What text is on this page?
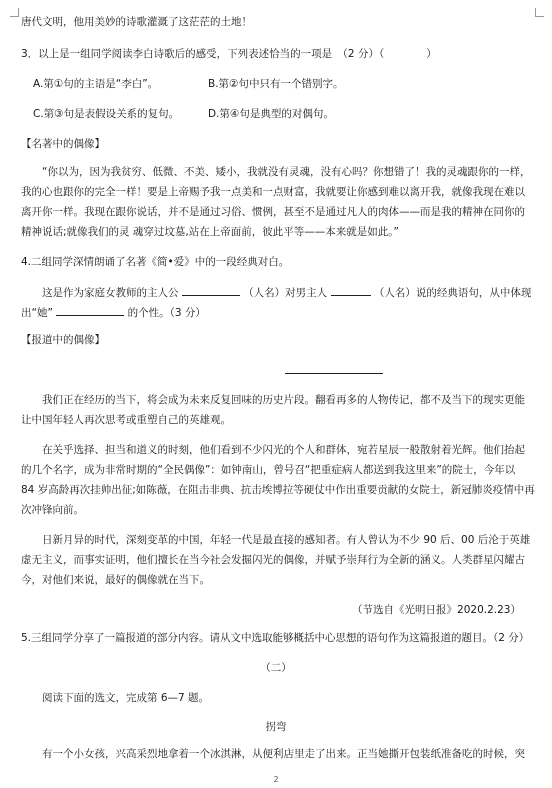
唐代文明，他用美妙的诗歌灌溉了这茫茫的土地！
3．以上是一组同学阅读李白诗歌后的感受，下列表述恰当的一项是　（2 分）（　　　　）
A.第①句的主语是“李白”。	B.第②句中只有一个错别字。
C.第③句是表假设关系的复句。	D.第④句是典型的对偶句。
【名著中的偶像】
“你以为，因为我贫穷、低微、不美、矮小，我就没有灵魂，没有心吗？你想错了！我的灵魂跟你的一样，
我的心也跟你的完全一样！要是上帝赐予我一点美和一点财富，我就要让你感到难以离开我，就像我现在难以
离开你一样。我现在跟你说话，并不是通过习俗、惯例，甚至不是通过凡人的肉体——而是我的精神在同你的
精神说话;就像我们的灵 魂穿过坟墓,站在上帝面前，彼此平等——本来就是如此。”
4.二组同学深情朗诵了名著《简•爱》中的一段经典对白。
这是作为家庭女教师的主人公	（人名）对男主人	（人名）说的经典语句，从中体现
出“她”	的个性。（3 分）
【报道中的偶像】
我们正在经历的当下，将会成为未来反复回味的历史片段。翻看再多的人物传记，都不及当下的现实更能
让中国年轻人再次思考或重塑自己的英雄观。
在关乎选择、担当和道义的时刻，他们看到不少闪光的个人和群体，宛若星辰一般散射着光辉。他们抬起
的几个名字，成为非常时期的“全民偶像”：如钟南山，曾号召“把重症病人都送到我这里来”的院士，今年以
84 岁高龄再次挂帅出征;如陈薇，在阻击非典、抗击埃博拉等硬仗中作出重要贡献的女院士，新冠肺炎疫情中再
次冲锋向前。
日新月异的时代，深刻变革的中国，年轻一代是最直接的感知者。有人曾认为不少 90 后、00 后沦于英雄
虚无主义，而事实证明，他们擅长在当今社会发掘闪光的偶像，并赋予崇拜行为全新的涵义。人类群星闪耀古
今，对他们来说，最好的偶像就在当下。
（节选自《光明日报》2020.2.23）
5.三组同学分享了一篇报道的部分内容。请从文中选取能够概括中心思想的语句作为这篇报道的题目。（2 分）
（二）
阅读下面的选文，完成第 6—7 题。
拐弯
有一个小女孩，兴高采烈地拿着一个冰淇淋，从便利店里走了出来。正当她撕开包装纸准备吃的时候，突
2
